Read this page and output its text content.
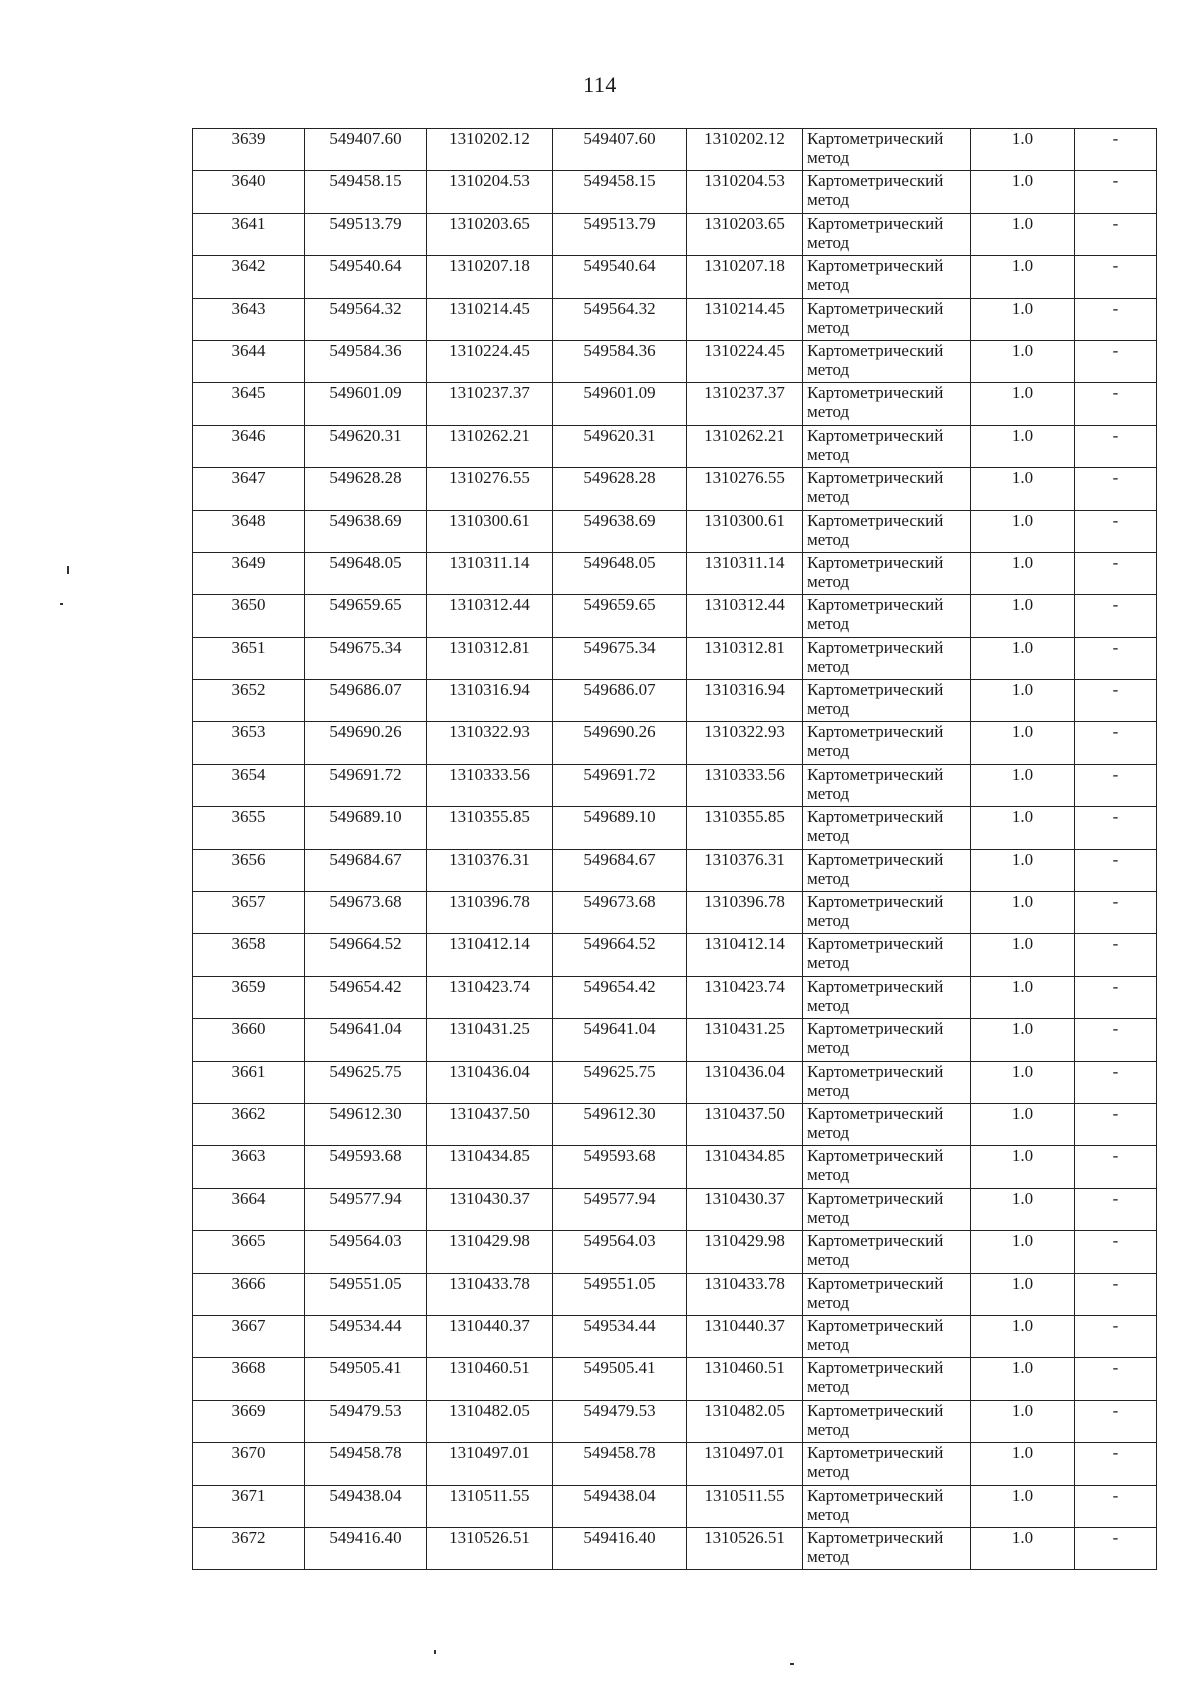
114
3639	549407.60	1310202.12	549407.60	1310202.12	Картометрический
метод	1.0	-
3640	549458.15	1310204.53	549458.15	1310204.53	Картометрический
метод	1.0	-
3641	549513.79	1310203.65	549513.79	1310203.65	Картометрический
метод	1.0	-
3642	549540.64	1310207.18	549540.64	1310207.18	Картометрический
метод	1.0	-
3643	549564.32	1310214.45	549564.32	1310214.45	Картометрический
метод	1.0	-
3644	549584.36	1310224.45	549584.36	1310224.45	Картометрический
метод	1.0	-
3645	549601.09	1310237.37	549601.09	1310237.37	Картометрический
метод	1.0	-
3646	549620.31	1310262.21	549620.31	1310262.21	Картометрический
метод	1.0	-
3647	549628.28	1310276.55	549628.28	1310276.55	Картометрический
метод	1.0	-
3648	549638.69	1310300.61	549638.69	1310300.61	Картометрический
метод	1.0	-
3649	549648.05	1310311.14	549648.05	1310311.14	Картометрический
метод	1.0	-
3650	549659.65	1310312.44	549659.65	1310312.44	Картометрический
метод	1.0	-
3651	549675.34	1310312.81	549675.34	1310312.81	Картометрический
метод	1.0	-
3652	549686.07	1310316.94	549686.07	1310316.94	Картометрический
метод	1.0	-
3653	549690.26	1310322.93	549690.26	1310322.93	Картометрический
метод	1.0	-
3654	549691.72	1310333.56	549691.72	1310333.56	Картометрический
метод	1.0	-
3655	549689.10	1310355.85	549689.10	1310355.85	Картометрический
метод	1.0	-
3656	549684.67	1310376.31	549684.67	1310376.31	Картометрический
метод	1.0	-
3657	549673.68	1310396.78	549673.68	1310396.78	Картометрический
метод	1.0	-
3658	549664.52	1310412.14	549664.52	1310412.14	Картометрический
метод	1.0	-
3659	549654.42	1310423.74	549654.42	1310423.74	Картометрический
метод	1.0	-
3660	549641.04	1310431.25	549641.04	1310431.25	Картометрический
метод	1.0	-
3661	549625.75	1310436.04	549625.75	1310436.04	Картометрический
метод	1.0	-
3662	549612.30	1310437.50	549612.30	1310437.50	Картометрический
метод	1.0	-
3663	549593.68	1310434.85	549593.68	1310434.85	Картометрический
метод	1.0	-
3664	549577.94	1310430.37	549577.94	1310430.37	Картометрический
метод	1.0	-
3665	549564.03	1310429.98	549564.03	1310429.98	Картометрический
метод	1.0	-
3666	549551.05	1310433.78	549551.05	1310433.78	Картометрический
метод	1.0	-
3667	549534.44	1310440.37	549534.44	1310440.37	Картометрический
метод	1.0	-
3668	549505.41	1310460.51	549505.41	1310460.51	Картометрический
метод	1.0	-
3669	549479.53	1310482.05	549479.53	1310482.05	Картометрический
метод	1.0	-
3670	549458.78	1310497.01	549458.78	1310497.01	Картометрический
метод	1.0	-
3671	549438.04	1310511.55	549438.04	1310511.55	Картометрический
метод	1.0	-
3672	549416.40	1310526.51	549416.40	1310526.51	Картометрический
метод	1.0	-
